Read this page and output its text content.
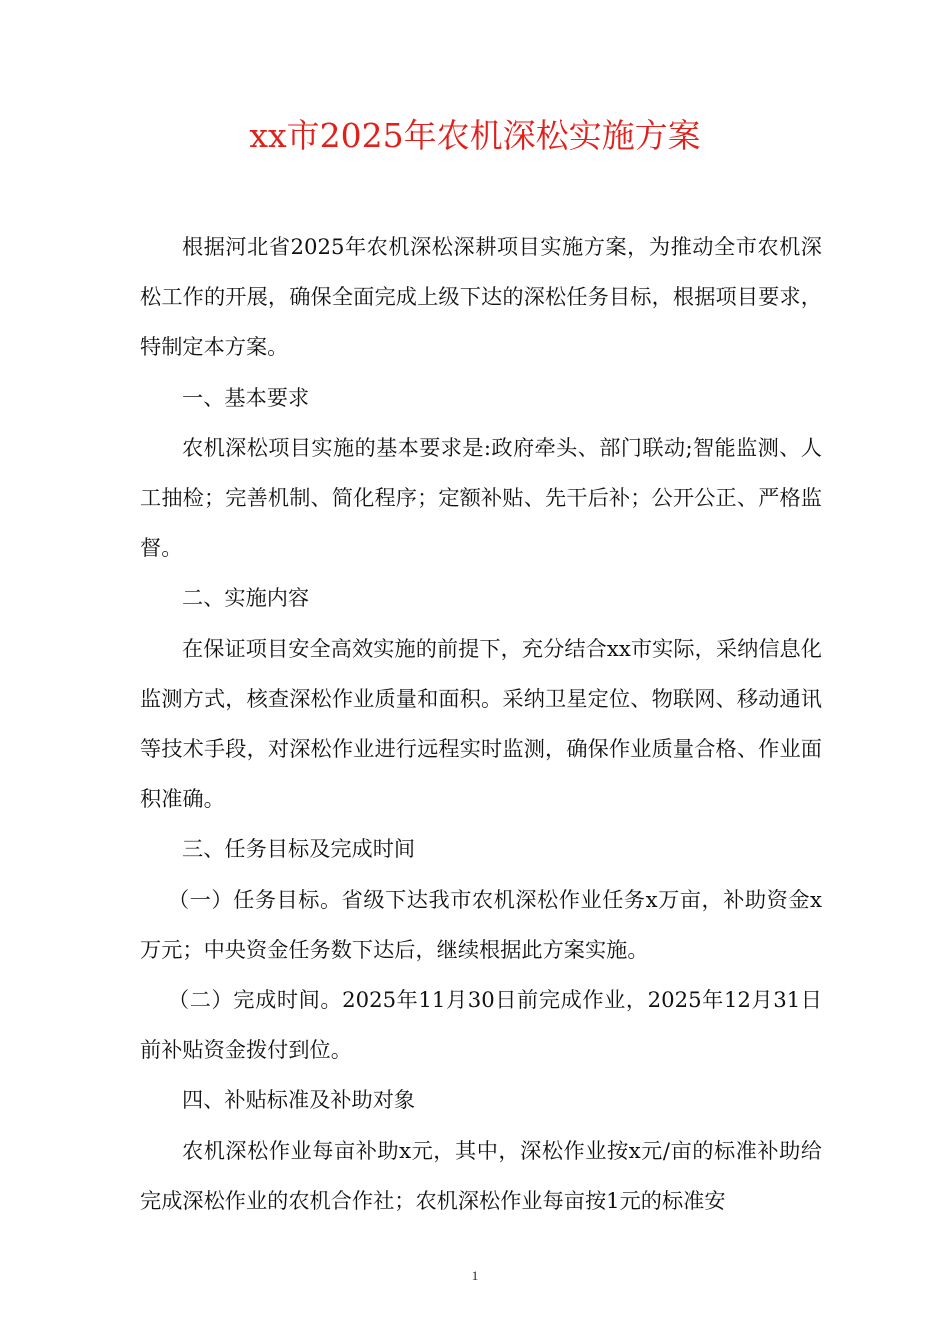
xx市2025年农机深松实施方案

根据河北省2025年农机深松深耕项目实施方案，为推动全市农机深松工作的开展，确保全面完成上级下达的深松任务目标，根据项目要求，特制定本方案。

一、基本要求

农机深松项目实施的基本要求是:政府牵头、部门联动;智能监测、人工抽检；完善机制、简化程序；定额补贴、先干后补；公开公正、严格监督。

二、实施内容

在保证项目安全高效实施的前提下，充分结合xx市实际，采纳信息化监测方式，核查深松作业质量和面积。采纳卫星定位、物联网、移动通讯等技术手段，对深松作业进行远程实时监测，确保作业质量合格、作业面积准确。

三、任务目标及完成时间

（一）任务目标。省级下达我市农机深松作业任务x万亩，补助资金x万元；中央资金任务数下达后，继续根据此方案实施。

（二）完成时间。2025年11月30日前完成作业，2025年12月31日前补贴资金拨付到位。

四、补贴标准及补助对象

农机深松作业每亩补助x元，其中，深松作业按x元/亩的标准补助给完成深松作业的农机合作社；农机深松作业每亩按1元的标准安

1
